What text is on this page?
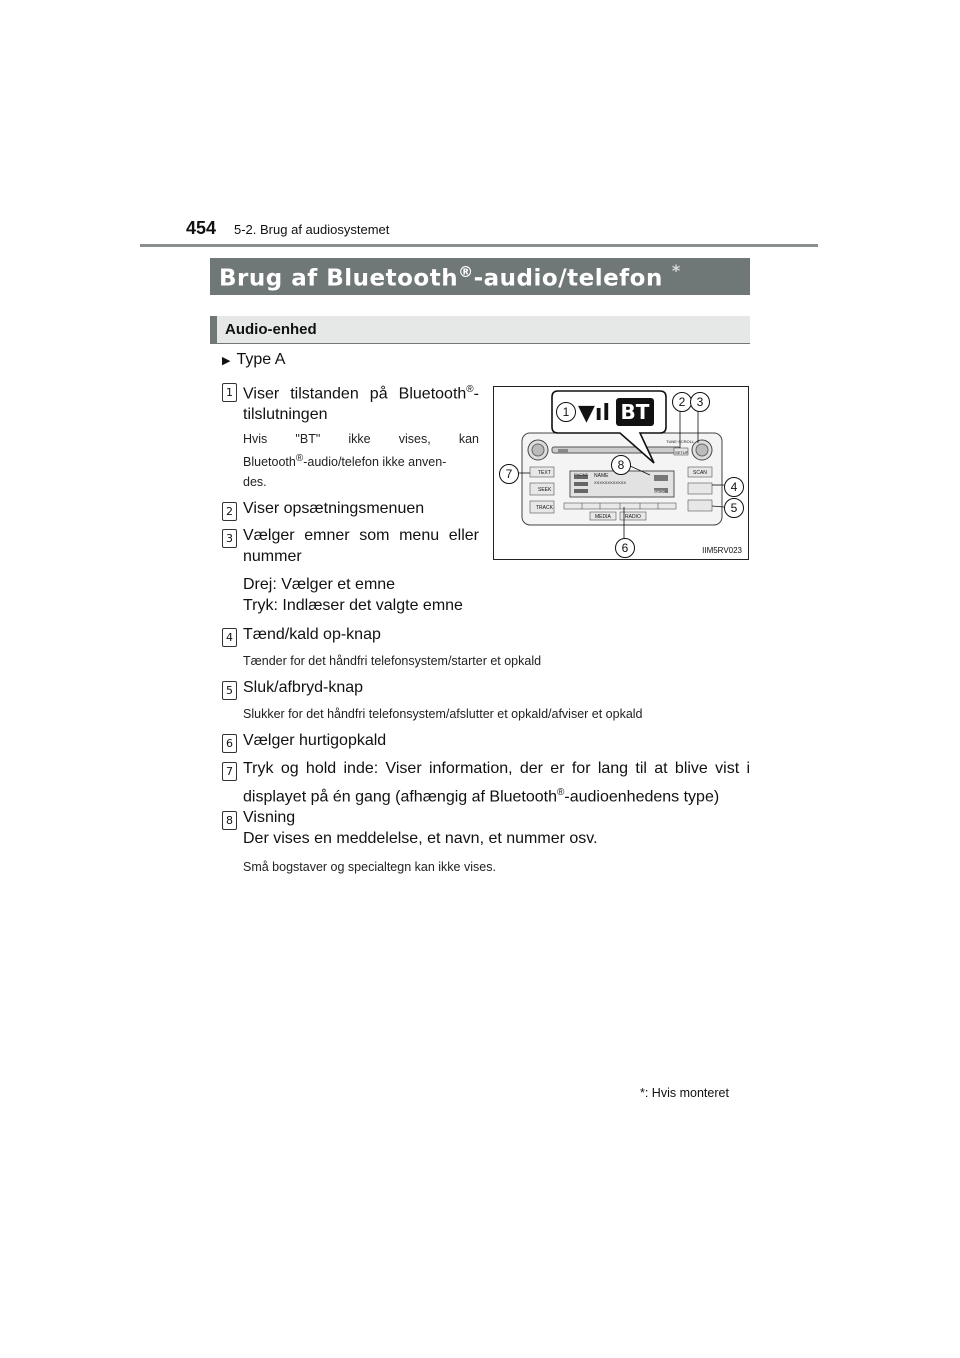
454 5-2. Brug af audiosystemet
Brug af Bluetooth®-audio/telefon *
Audio-enhed
▶ Type A
1 Viser tilstanden på Bluetooth®-
tilslutningen
Hvis "BT" ikke vises, kan
Bluetooth®-audio/telefon ikke anven-
des.
2 Viser opsætningsmenuen
3 Vælger emner som menu eller
nummer
Drej: Vælger et emne
Tryk: Indlæser det valgte emne
4 Tænd/kald op-knap
Tænder for det håndfri telefonsystem/starter et opkald
5 Sluk/afbryd-knap
Slukker for det håndfri telefonsystem/afslutter et opkald/afviser et opkald
6 Vælger hurtigopkald
7 Tryk og hold inde: Viser information, der er for lang til at blive vist i
displayet på én gang (afhængig af Bluetooth®-audioenhedens type)
8 Visning
Der vises en meddelelse, et navn, et nummer osv.
Små bogstaver og specialtegn kan ikke vises.
▼ıl BT
TEXT
SEEK
TRACK
SCAN
MEDIA	RADIO
SETUP
TUNE·SCROLL
PHONE NAME
XXXXXXXXXXXX
BACK
1
2 3
4
5
6
7
8
IIM5RV023
*: Hvis monteret
